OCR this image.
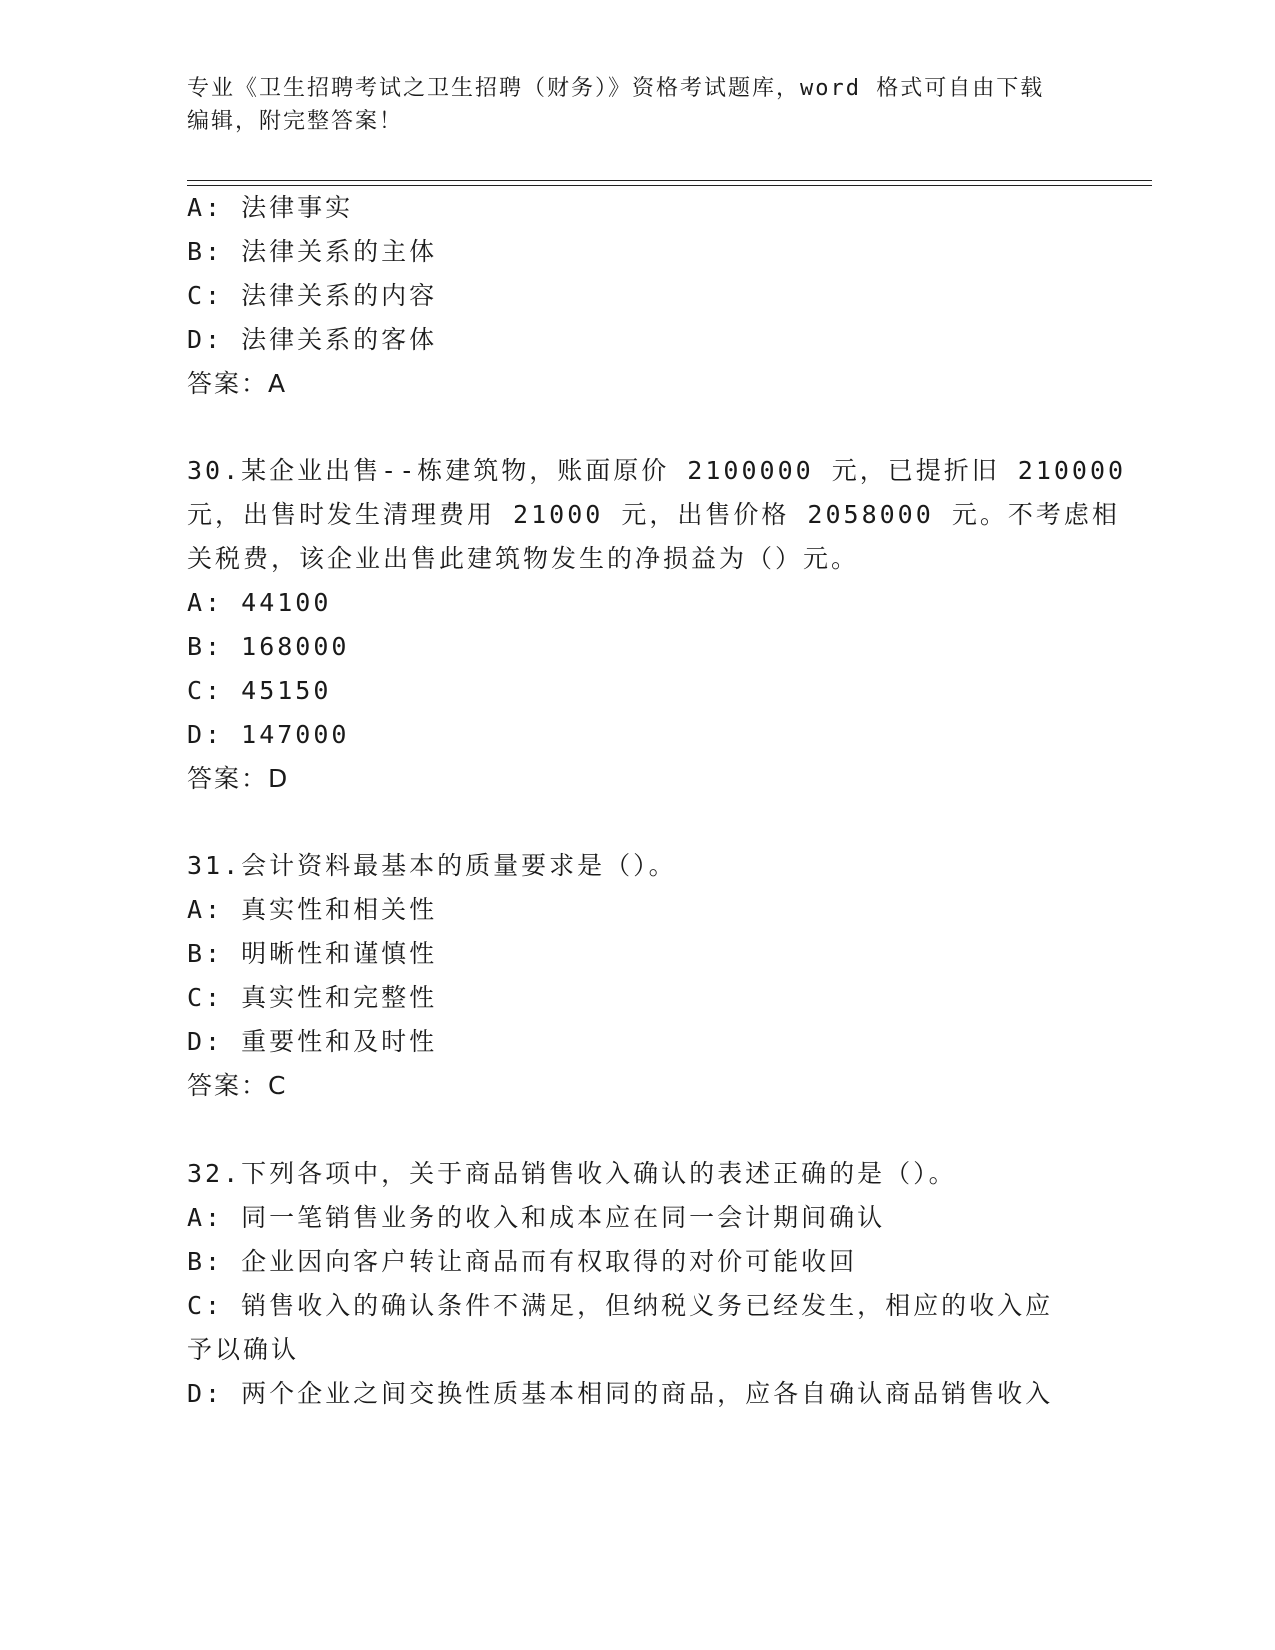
专业《卫生招聘考试之卫生招聘（财务）》资格考试题库，word 格式可自由下载
编辑，附完整答案！
A: 法律事实
B: 法律关系的主体
C: 法律关系的内容
D: 法律关系的客体
答案：A
30.某企业出售--栋建筑物，账面原价 2100000 元，已提折旧 210000
元，出售时发生清理费用 21000 元，出售价格 2058000 元。不考虑相
关税费，该企业出售此建筑物发生的净损益为（）元。
A: 44100
B: 168000
C: 45150
D: 147000
答案：D
31.会计资料最基本的质量要求是（）。
A: 真实性和相关性
B: 明晰性和谨慎性
C: 真实性和完整性
D: 重要性和及时性
答案：C
32.下列各项中，关于商品销售收入确认的表述正确的是（）。
A: 同一笔销售业务的收入和成本应在同一会计期间确认
B: 企业因向客户转让商品而有权取得的对价可能收回
C: 销售收入的确认条件不满足，但纳税义务已经发生，相应的收入应
予以确认
D: 两个企业之间交换性质基本相同的商品，应各自确认商品销售收入
